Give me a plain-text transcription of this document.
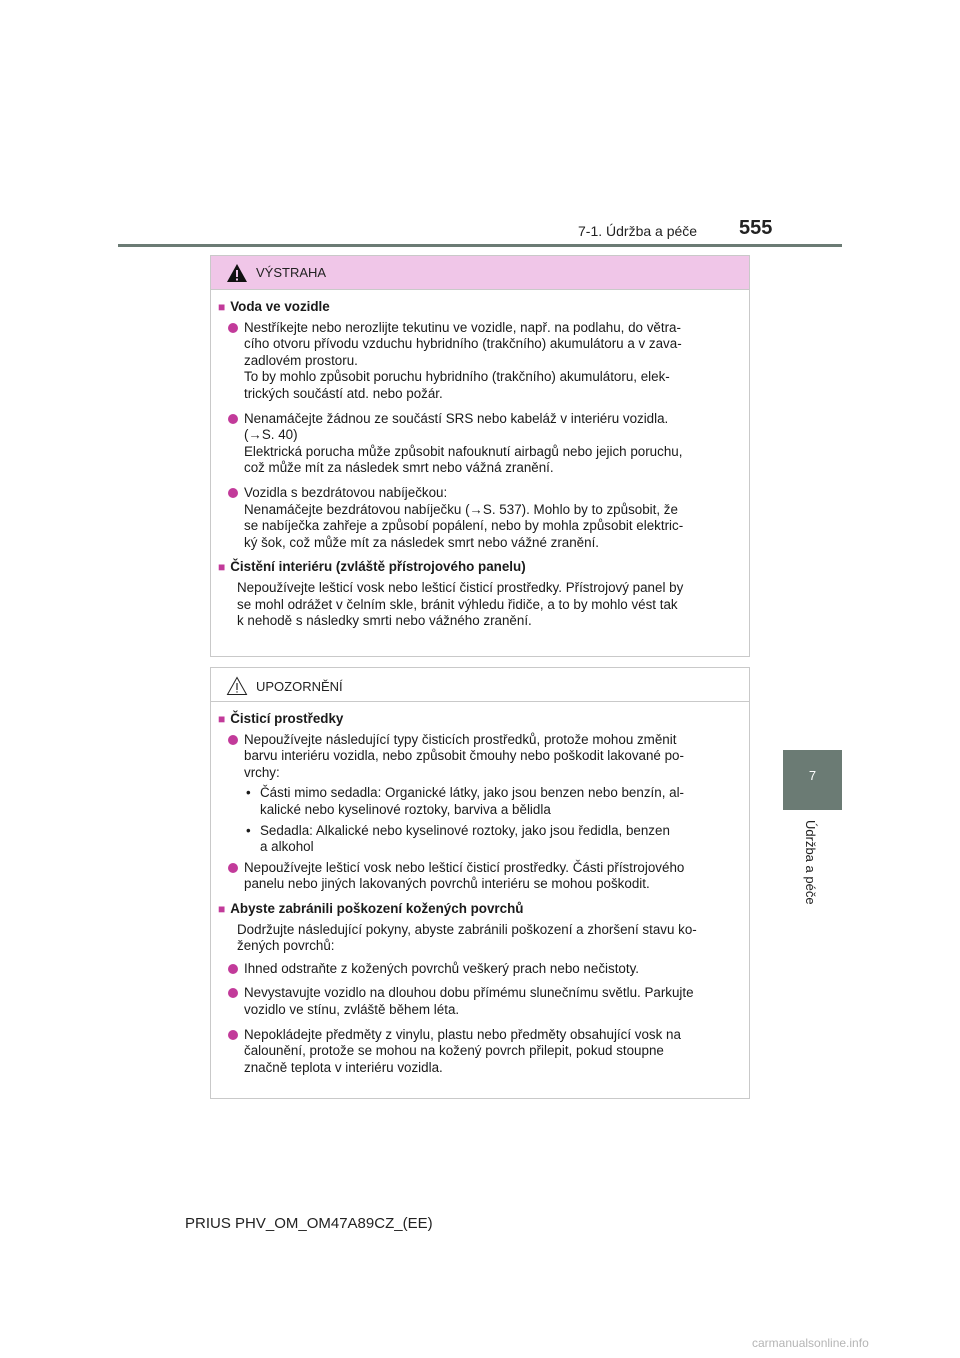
7-1. Údržba a péče 555
7
Údržba a péče
VÝSTRAHA
■ Voda ve vozidle
Nestříkejte nebo nerozlijte tekutinu ve vozidle, např. na podlahu, do větra-
cího otvoru přívodu vzduchu hybridního (trakčního) akumulátoru a v zava-
zadlovém prostoru.
To by mohlo způsobit poruchu hybridního (trakčního) akumulátoru, elek-
trických součástí atd. nebo požár.
Nenamáčejte žádnou ze součástí SRS nebo kabeláž v interiéru vozidla.
(→S. 40)
Elektrická porucha může způsobit nafouknutí airbagů nebo jejich poruchu,
což může mít za následek smrt nebo vážná zranění.
Vozidla s bezdrátovou nabíječkou:
Nenamáčejte bezdrátovou nabíječku (→S. 537). Mohlo by to způsobit, že
se nabíječka zahřeje a způsobí popálení, nebo by mohla způsobit elektric-
ký šok, což může mít za následek smrt nebo vážné zranění.
■ Čistění interiéru (zvláště přístrojového panelu)
Nepoužívejte lešticí vosk nebo lešticí čisticí prostředky. Přístrojový panel by
se mohl odrážet v čelním skle, bránit výhledu řidiče, a to by mohlo vést tak
k nehodě s následky smrti nebo vážného zranění.
UPOZORNĚNÍ
■ Čisticí prostředky
Nepoužívejte následující typy čisticích prostředků, protože mohou změnit
barvu interiéru vozidla, nebo způsobit čmouhy nebo poškodit lakované po-
vrchy:
• Části mimo sedadla: Organické látky, jako jsou benzen nebo benzín, al-
kalické nebo kyselinové roztoky, barviva a bělidla
• Sedadla: Alkalické nebo kyselinové roztoky, jako jsou ředidla, benzen
a alkohol
Nepoužívejte lešticí vosk nebo lešticí čisticí prostředky. Části přístrojového
panelu nebo jiných lakovaných povrchů interiéru se mohou poškodit.
■ Abyste zabránili poškození kožených povrchů
Dodržujte následující pokyny, abyste zabránili poškození a zhoršení stavu ko-
žených povrchů:
Ihned odstraňte z kožených povrchů veškerý prach nebo nečistoty.
Nevystavujte vozidlo na dlouhou dobu přímému slunečnímu světlu. Parkujte
vozidlo ve stínu, zvláště během léta.
Nepokládejte předměty z vinylu, plastu nebo předměty obsahující vosk na
čalounění, protože se mohou na kožený povrch přilepit, pokud stoupne
značně teplota v interiéru vozidla.
PRIUS PHV_OM_OM47A89CZ_(EE)
carmanualsonline.info
